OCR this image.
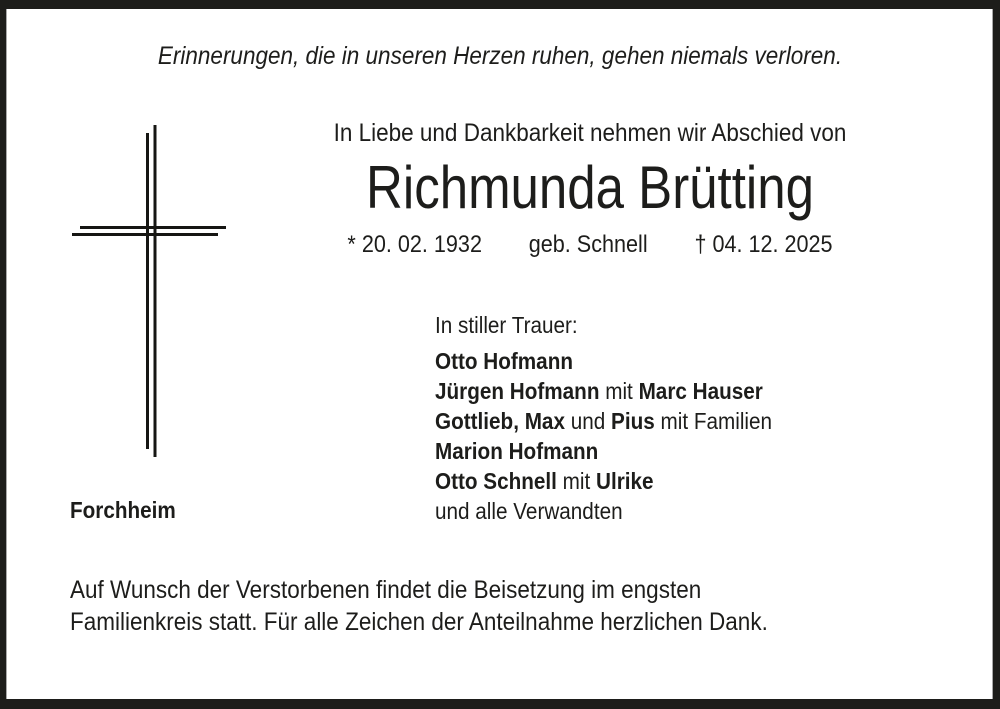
Erinnerungen, die in unseren Herzen ruhen, gehen niemals verloren.
In Liebe und Dankbarkeit nehmen wir Abschied von
Richmunda Brütting
* 20. 02. 1932 geb. Schnell † 04. 12. 2025
In stiller Trauer:
Otto Hofmann
Jürgen Hofmann mit Marc Hauser
Gottlieb, Max und Pius mit Familien
Marion Hofmann
Otto Schnell mit Ulrike
und alle Verwandten
Forchheim
Auf Wunsch der Verstorbenen findet die Beisetzung im engsten
Familienkreis statt. Für alle Zeichen der Anteilnahme herzlichen Dank.
